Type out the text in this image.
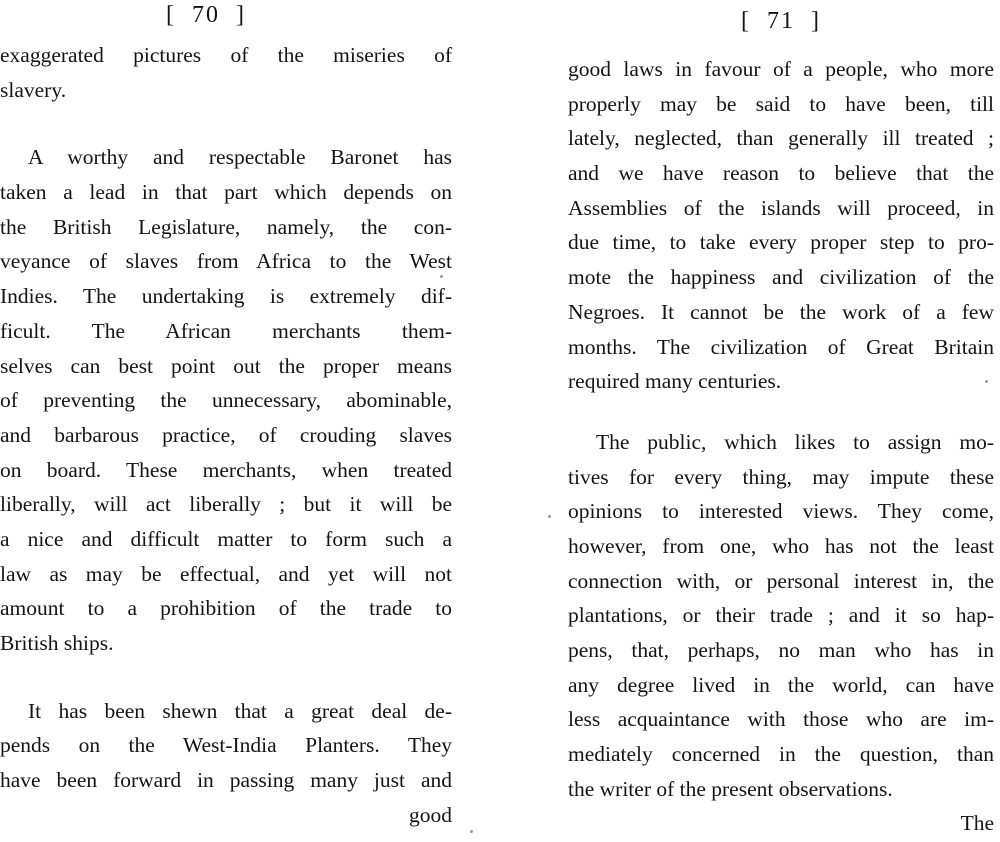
[  70  ]
exaggerated pictures of the miseries of
slavery.
A worthy and respectable Baronet has
taken a lead in that part which depends on
the British Legislature, namely, the con-
veyance of slaves from Africa to the West
Indies. The undertaking is extremely dif-
ficult. The African merchants them-
selves can best point out the proper means
of preventing the unnecessary, abominable,
and barbarous practice, of crouding slaves
on board. These merchants, when treated
liberally, will act liberally ; but it will be
a nice and difficult matter to form such a
law as may be effectual, and yet will not
amount to a prohibition of the trade to
British ships.
It has been shewn that a great deal de-
pends on the West-India Planters. They
have been forward in passing many just and
good
[  71  ]
good laws in favour of a people, who more
properly may be said to have been, till
lately, neglected, than generally ill treated ;
and we have reason to believe that the
Assemblies of the islands will proceed, in
due time, to take every proper step to pro-
mote the happiness and civilization of the
Negroes. It cannot be the work of a few
months. The civilization of Great Britain
required many centuries.
The public, which likes to assign mo-
tives for every thing, may impute these
opinions to interested views. They come,
however, from one, who has not the least
connection with, or personal interest in, the
plantations, or their trade ; and it so hap-
pens, that, perhaps, no man who has in
any degree lived in the world, can have
less acquaintance with those who are im-
mediately concerned in the question, than
the writer of the present observations.
The
